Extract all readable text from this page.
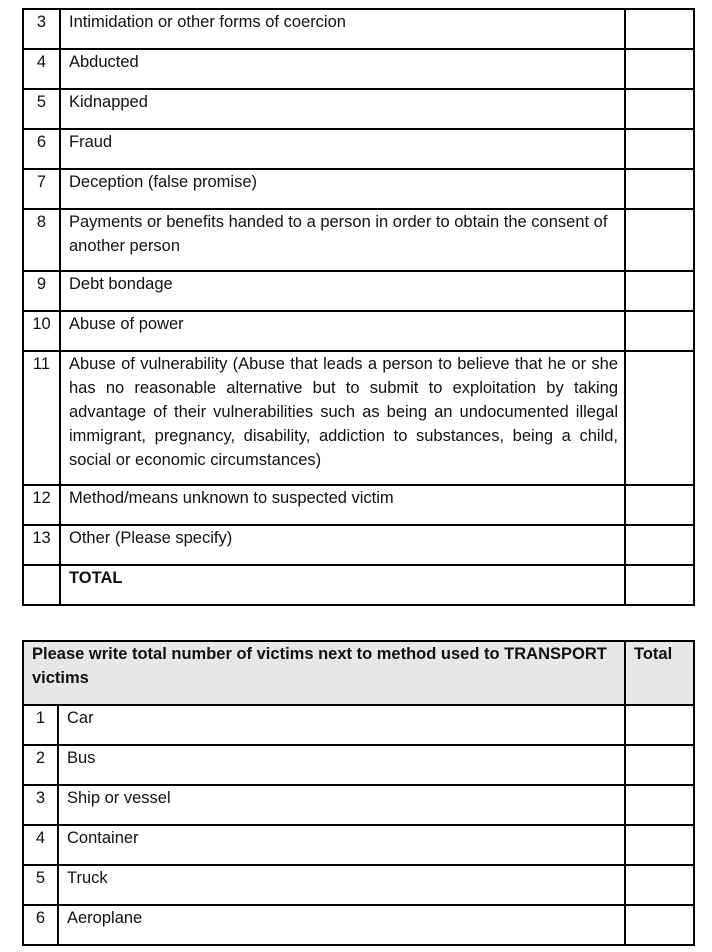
3	Intimidation or other forms of coercion	
4	Abducted	
5	Kidnapped	
6	Fraud	
7	Deception (false promise)	
8	Payments or benefits handed to a person in order to obtain the consent of another person	
9	Debt bondage	
10	Abuse of power	
11	Abuse of vulnerability (Abuse that leads a person to believe that he or she has no reasonable alternative but to submit to exploitation by taking advantage of their vulnerabilities such as being an undocumented illegal immigrant, pregnancy, disability, addiction to substances, being a child, social or economic circumstances)	
12	Method/means unknown to suspected victim	
13	Other (Please specify)	
	TOTAL	
Please write total number of victims next to method used to TRANSPORT victims		Total
1	Car	
2	Bus	
3	Ship or vessel	
4	Container	
5	Truck	
6	Aeroplane	
